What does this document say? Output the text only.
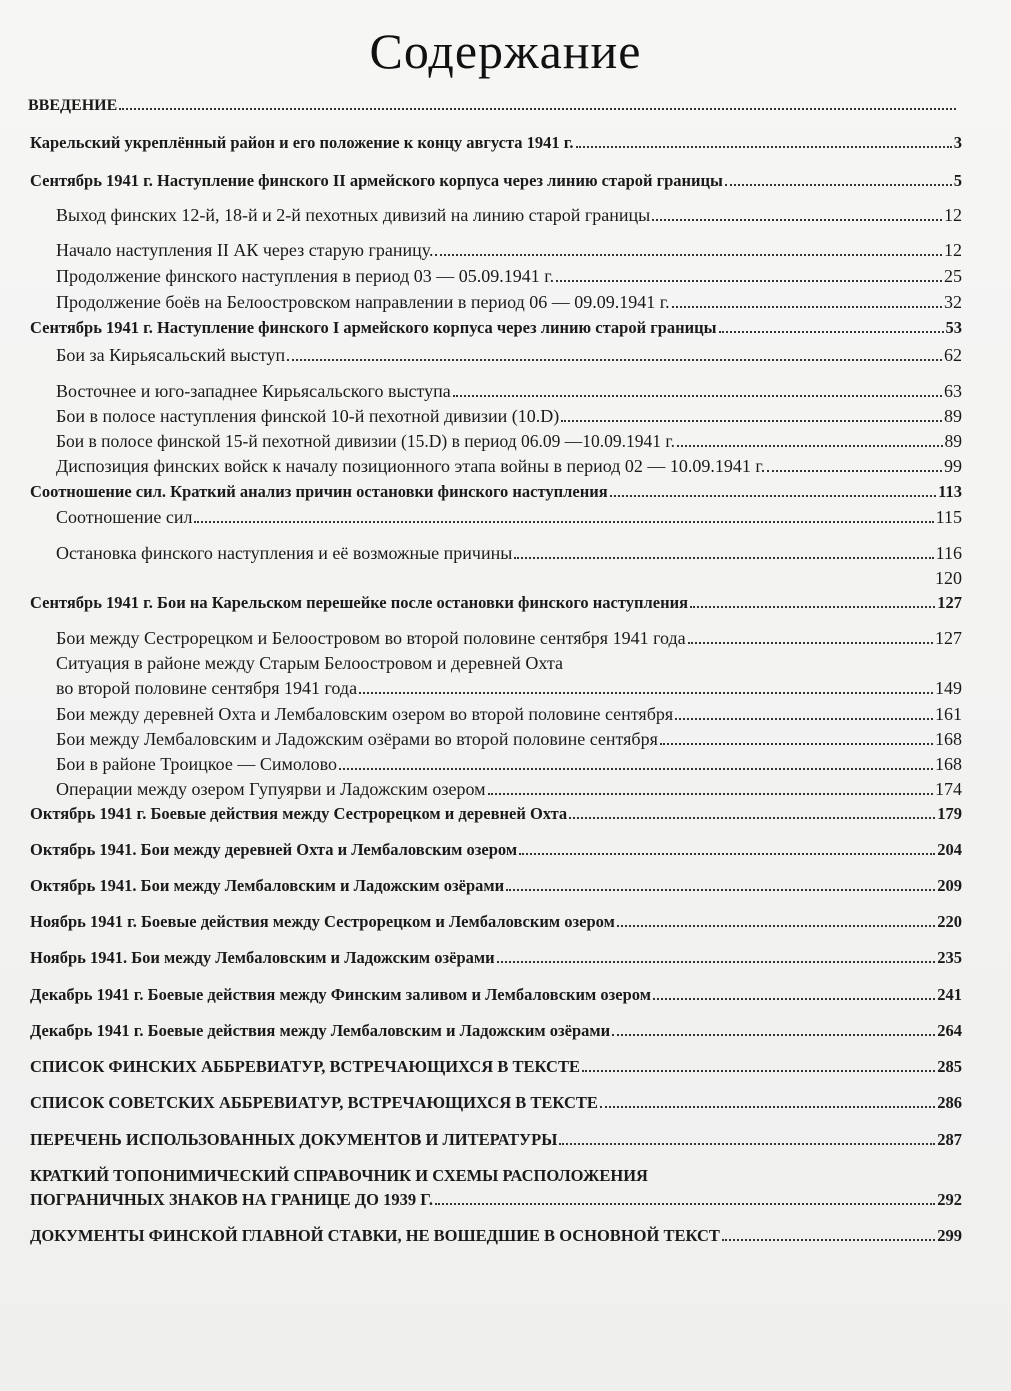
Содержание
ВВЕДЕНИЕ
Карельский укреплённый район и его положение к концу августа 1941 г.	3
Сентябрь 1941 г. Наступление финского II армейского корпуса через линию старой границы	5
Выход финских 12-й, 18-й и 2-й пехотных дивизий на линию старой границы	12
Начало наступления II АК через старую границу.	12
Продолжение финского наступления в период 03 — 05.09.1941 г.	25
Продолжение боёв на Белоостровском направлении в период 06 — 09.09.1941 г.	32
Сентябрь 1941 г. Наступление финского I армейского корпуса через линию старой границы	53
Бои за Кирьясальский выступ	62
Восточнее и юго-западнее Кирьясальского выступа	63
Бои в полосе наступления финской 10-й пехотной дивизии (10.D)	89
Бои в полосе финской 15-й пехотной дивизии (15.D) в период 06.09 —10.09.1941 г.	89
Диспозиция финских войск к началу позиционного этапа войны в период 02 — 10.09.1941 г.	99
Соотношение сил. Краткий анализ причин остановки финского наступления	113
Соотношение сил	115
Остановка финского наступления и её возможные причины	116
120
Сентябрь 1941 г. Бои на Карельском перешейке после остановки финского наступления	127
Бои между Сестрорецком и Белоостровом во второй половине сентября 1941 года	127
Ситуация в районе между Старым Белоостровом и деревней Охта
во второй половине сентября 1941 года	149
Бои между деревней Охта и Лембаловским озером во второй половине сентября	161
Бои между Лембаловским и Ладожским озёрами во второй половине сентября	168
Бои в районе Троицкое — Симолово	168
Операции между озером Гупуярви и Ладожским озером	174
Октябрь 1941 г. Боевые действия между Сестрорецком и деревней Охта	179
Октябрь 1941. Бои между деревней Охта и Лембаловским озером	204
Октябрь 1941. Бои между Лембаловским и Ладожским озёрами	209
Ноябрь 1941 г. Боевые действия между Сестрорецком и Лембаловским озером	220
Ноябрь 1941. Бои между Лембаловским и Ладожским озёрами	235
Декабрь 1941 г. Боевые действия между Финским заливом и Лембаловским озером	241
Декабрь 1941 г. Боевые действия между Лембаловским и Ладожским озёрами	264
СПИСОК ФИНСКИХ АББРЕВИАТУР, ВСТРЕЧАЮЩИХСЯ В ТЕКСТЕ	285
СПИСОК СОВЕТСКИХ АББРЕВИАТУР, ВСТРЕЧАЮЩИХСЯ В ТЕКСТЕ	286
ПЕРЕЧЕНЬ ИСПОЛЬЗОВАННЫХ ДОКУМЕНТОВ И ЛИТЕРАТУРЫ	287
КРАТКИЙ ТОПОНИМИЧЕСКИЙ СПРАВОЧНИК И СХЕМЫ РАСПОЛОЖЕНИЯ
ПОГРАНИЧНЫХ ЗНАКОВ НА ГРАНИЦЕ ДО 1939 Г.	292
ДОКУМЕНТЫ ФИНСКОЙ ГЛАВНОЙ СТАВКИ, НЕ ВОШЕДШИЕ В ОСНОВНОЙ ТЕКСТ	299
